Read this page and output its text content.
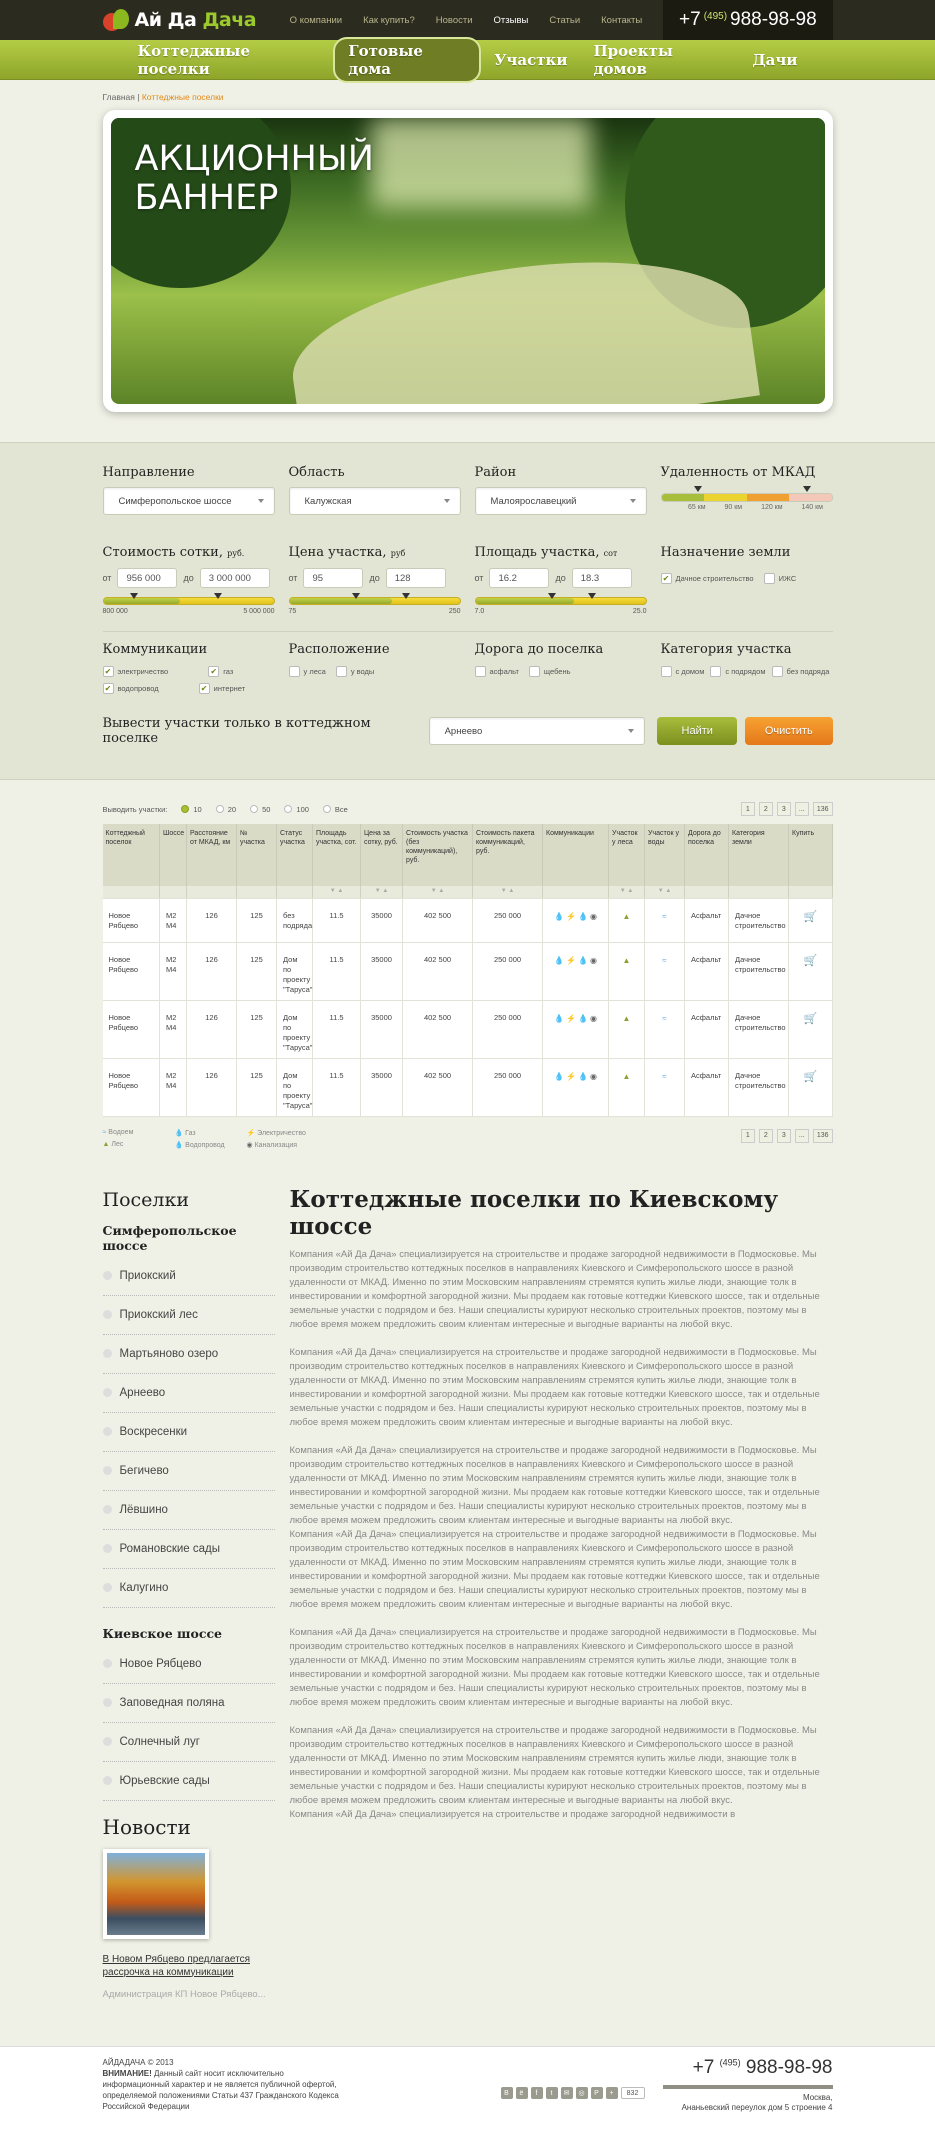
Ай Да Дача	О компании Как купить? Новости Отзывы Статьи Контакты +7 $^{(495)}$ 988-98-98
Коттеджные поселки
Готовые дома	Участки	Проекты домов	Дачи
Главная | Коттеджные поселки
АКЦИОННЫЙ
БАННЕР
Направление
Симферопольское шоссе
Область
Калужская
Район
Малоярославецкий
Удаленность от МКАД
65 км	90 км	120 км	140 км
Стоимость сотки, руб.
от	956 000	до	3 000 000
800 000	5 000 000
Цена участка, руб
от	95	до	128
75	250
Площадь участка, сот
от	16.2	до	18.3
7.0	25.0
Назначение земли
✔ Дачное строительство	ИЖС
Коммуникации
✔ электричество	✔ газ
✔ водопровод	✔ интернет
Расположение
у леса	у воды
Дорога до поселка
асфальт	щебень
Категория участка
с домом	с подрядом	без подряда
Вывести участки только в коттеджном поселке	Арнеево	Найти	Очистить
Выводить участки:	10	20	50	100	Все	1	2	3	...	136
Коттеджный поселок	Шоссе	Расстояние от МКАД, км	№ участка	Статус участка	Площадь участка, сот.	Цена за сотку, руб.	Стоимость участка (без коммуникаций), руб.	Стоимость пакета коммуникаций, руб.	Коммуникации	Участок у леса	Участок у воды	Дорога до поселка	Категория земли	Купить
					▼ ▲	▼ ▲	▼ ▲	▼ ▲		▼ ▲	▼ ▲			
Новое Рябцево	М2 М4	126	125	без подряда	11.5	35000	402 500	250 000	💧 ⚡ 💧 ◉	▲	≈	Асфальт	Дачное строительство	🛒
Новое Рябцево	М2 М4	126	125	Дом по проекту "Таруса"	11.5	35000	402 500	250 000	💧 ⚡ 💧 ◉	▲	≈	Асфальт	Дачное строительство	🛒
Новое Рябцево	М2 М4	126	125	Дом по проекту "Таруса"	11.5	35000	402 500	250 000	💧 ⚡ 💧 ◉	▲	≈	Асфальт	Дачное строительство	🛒
Новое Рябцево	М2 М4	126	125	Дом по проекту "Таруса"	11.5	35000	402 500	250 000	💧 ⚡ 💧 ◉	▲	≈	Асфальт	Дачное строительство	🛒
≈ Водоем	💧 Газ	⚡ Электричество
▲ Лес	💧 Водопровод	◉ Канализация
1	2	3	...	136
Поселки
Симферопольское шоссе
Приокский
Приокский лес
Мартьяново озеро
Арнеево
Воскресенки
Бегичево
Лёвшино
Романовские сады
Калугино
Киевское шоссе
Новое Рябцево
Заповедная поляна
Солнечный луг
Юрьевские сады
Новости
В Новом Рябцево предлагается рассрочка на коммуникации
Администрация КП Новое Рябцево...
Коттеджные поселки по Киевскому шоссе
Компания «Ай Да Дача» специализируется на строительстве и продаже загородной недвижимости в Подмосковье. Мы производим строительство коттеджных поселков в направлениях Киевского и Симферопольского шоссе в разной удаленности от МКАД. Именно по этим Московским направлениям стремятся купить жилье люди, знающие толк в инвестировании и комфортной загородной жизни. Мы продаем как готовые коттеджи Киевского шоссе, так и отдельные земельные участки с подрядом и без. Наши специалисты курируют несколько строительных проектов, поэтому мы в любое время можем предложить своим клиентам интересные и выгодные варианты на любой вкус.
Компания «Ай Да Дача» специализируется на строительстве и продаже загородной недвижимости в Подмосковье. Мы производим строительство коттеджных поселков в направлениях Киевского и Симферопольского шоссе в разной удаленности от МКАД. Именно по этим Московским направлениям стремятся купить жилье люди, знающие толк в инвестировании и комфортной загородной жизни. Мы продаем как готовые коттеджи Киевского шоссе, так и отдельные земельные участки с подрядом и без. Наши специалисты курируют несколько строительных проектов, поэтому мы в любое время можем предложить своим клиентам интересные и выгодные варианты на любой вкус.
Компания «Ай Да Дача» специализируется на строительстве и продаже загородной недвижимости в Подмосковье. Мы производим строительство коттеджных поселков в направлениях Киевского и Симферопольского шоссе в разной удаленности от МКАД. Именно по этим Московским направлениям стремятся купить жилье люди, знающие толк в инвестировании и комфортной загородной жизни. Мы продаем как готовые коттеджи Киевского шоссе, так и отдельные земельные участки с подрядом и без. Наши специалисты курируют несколько строительных проектов, поэтому мы в любое время можем предложить своим клиентам интересные и выгодные варианты на любой вкус.
Компания «Ай Да Дача» специализируется на строительстве и продаже загородной недвижимости в Подмосковье. Мы производим строительство коттеджных поселков в направлениях Киевского и Симферопольского шоссе в разной удаленности от МКАД. Именно по этим Московским направлениям стремятся купить жилье люди, знающие толк в инвестировании и комфортной загородной жизни. Мы продаем как готовые коттеджи Киевского шоссе, так и отдельные земельные участки с подрядом и без. Наши специалисты курируют несколько строительных проектов, поэтому мы в любое время можем предложить своим клиентам интересные и выгодные варианты на любой вкус.
Компания «Ай Да Дача» специализируется на строительстве и продаже загородной недвижимости в Подмосковье. Мы производим строительство коттеджных поселков в направлениях Киевского и Симферопольского шоссе в разной удаленности от МКАД. Именно по этим Московским направлениям стремятся купить жилье люди, знающие толк в инвестировании и комфортной загородной жизни. Мы продаем как готовые коттеджи Киевского шоссе, так и отдельные земельные участки с подрядом и без. Наши специалисты курируют несколько строительных проектов, поэтому мы в любое время можем предложить своим клиентам интересные и выгодные варианты на любой вкус.
Компания «Ай Да Дача» специализируется на строительстве и продаже загородной недвижимости в Подмосковье. Мы производим строительство коттеджных поселков в направлениях Киевского и Симферопольского шоссе в разной удаленности от МКАД. Именно по этим Московским направлениям стремятся купить жилье люди, знающие толк в инвестировании и комфортной загородной жизни. Мы продаем как готовые коттеджи Киевского шоссе, так и отдельные земельные участки с подрядом и без. Наши специалисты курируют несколько строительных проектов, поэтому мы в любое время можем предложить своим клиентам интересные и выгодные варианты на любой вкус.
Компания «Ай Да Дача» специализируется на строительстве и продаже загородной недвижимости в
АЙДАДАЧА © 2013
ВНИМАНИЕ! Данный сайт носит исключительно информационный характер и не является публичной офертой, определяемой положениями Статьи 437 Гражданского Кодекса Российской Федерации
В	ё	f	t	✉	◎	P	+	832
+7 $^{(495)}$ 988-98-98
Москва,
Ананьевский переулок дом 5 строение 4
